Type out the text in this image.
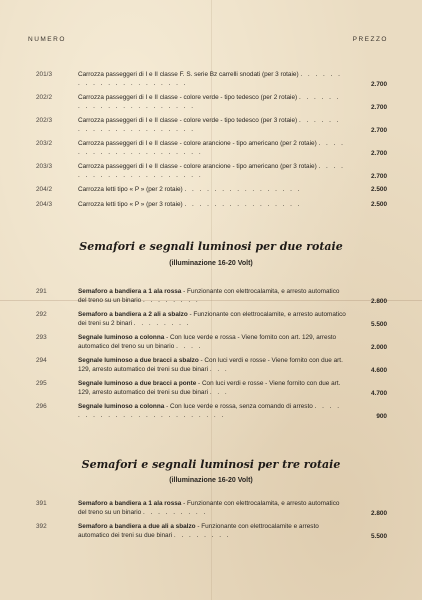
NUMERO	PREZZO
201/3	Carrozza passeggeri di I e II classe F. S. serie Bz carrelli snodati (per 3 rotaie) . . . . . . . . . . . . . . . . . . . . .	2.700
202/2	Carrozza passeggeri di I e II classe - colore verde - tipo tedesco (per 2 rotaie) . . . . . . . . . . . . . . . . . . . . . .	2.700
202/3	Carrozza passeggeri di I e II classe - colore verde - tipo tedesco (per 3 rotaie) . . . . . . . . . . . . . . . . . . . . . .	2.700
203/2	Carrozza passeggeri di I e II classe - colore arancione - tipo americano (per 2 rotaie) . . . . . . . . . . . . . . . . . . . . .	2.700
203/3	Carrozza passeggeri di I e II classe - colore arancione - tipo americano (per 3 rotaie) . . . . . . . . . . . . . . . . . . . . .	2.700
204/2	Carrozza letti tipo « P » (per 2 rotaie) . . . . . . . . . . . . . . . .	2.500
204/3	Carrozza letti tipo « P » (per 3 rotaie) . . . . . . . . . . . . . . . .	2.500
Semafori e segnali luminosi per due rotaie
(illuminazione 16-20 Volt)
291	Semaforo a bandiera a 1 ala rossa - Funzionante con elettrocalamita, e arresto automatico del treno su un binario . . . . . . . .	2.800
292	Semaforo a bandiera a 2 ali a sbalzo - Funzionante con elettrocalamite, e arresto automatico dei treni su 2 binari . . . . . . . .	5.500
293	Segnale luminoso a colonna - Con luce verde e rossa - Viene fornito con art. 129, arresto automatico del treno su un binario . . . .	2.000
294	Segnale luminoso a due bracci a sbalzo - Con luci verdi e rosse - Viene fornito con due art. 129, arresto automatico dei treni su due binari . . .	4.600
295	Segnale luminoso a due bracci a ponte - Con luci verdi e rosse - Viene fornito con due art. 129, arresto automatico dei treni su due binari . . .	4.700
296	Segnale luminoso a colonna - Con luce verde e rossa, senza comando di arresto . . . . . . . . . . . . . . . . . . . . . . . .	900
Semafori e segnali luminosi per tre rotaie
(illuminazione 16-20 Volt)
391	Semaforo a bandiera a 1 ala rossa - Funzionante con elettrocalamita, e arresto automatico del treno su un binario . . . . . . . . .	2.800
392	Semaforo a bandiera a due ali a sbalzo - Funzionante con elettrocalamite e arresto automatico dei treni su due binari . . . . . . . .	5.500
